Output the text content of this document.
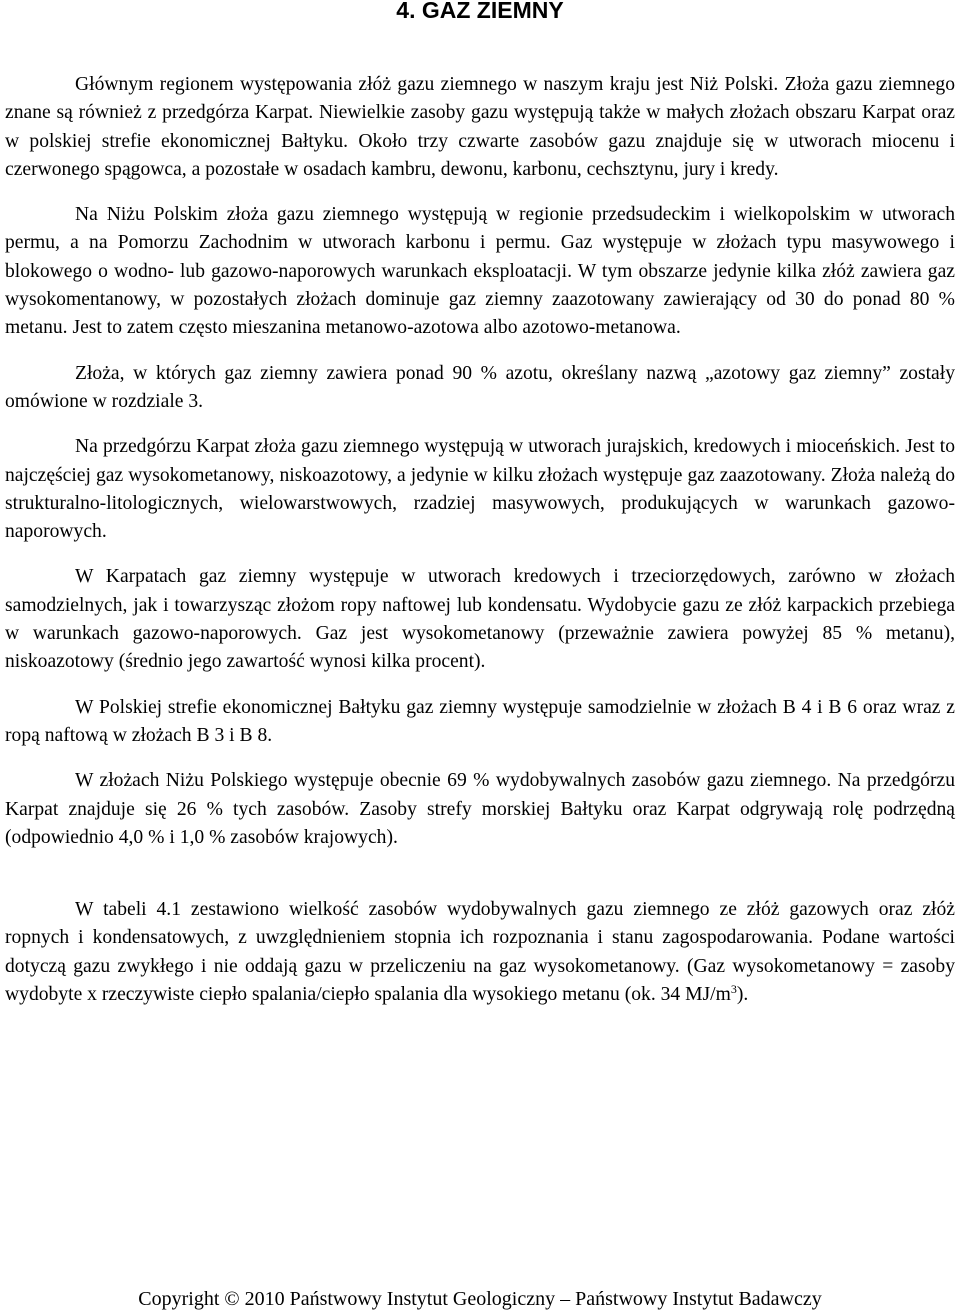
4. GAZ ZIEMNY

Głównym regionem występowania złóż gazu ziemnego w naszym kraju jest Niż Polski. Złoża gazu ziemnego znane są również z przedgórza Karpat. Niewielkie zasoby gazu występują także w małych złożach obszaru Karpat oraz w polskiej strefie ekonomicznej Bałtyku. Około trzy czwarte zasobów gazu znajduje się w utworach miocenu i czerwonego spągowca, a pozostałe w osadach kambru, dewonu, karbonu, cechsztynu, jury i kredy.

Na Niżu Polskim złoża gazu ziemnego występują w regionie przedsudeckim i wielkopolskim w utworach permu, a na Pomorzu Zachodnim w utworach karbonu i permu. Gaz występuje w złożach typu masywowego i blokowego o wodno- lub gazowo-naporowych warunkach eksploatacji. W tym obszarze jedynie kilka złóż zawiera gaz wysokomentanowy, w pozostałych złożach dominuje gaz ziemny zaazotowany zawierający od 30 do ponad 80 % metanu. Jest to zatem często mieszanina metanowo-azotowa albo azotowo-metanowa.

Złoża, w których gaz ziemny zawiera ponad 90 % azotu, określany nazwą „azotowy gaz ziemny” zostały omówione w rozdziale 3.

Na przedgórzu Karpat złoża gazu ziemnego występują w utworach jurajskich, kredowych i mioceńskich. Jest to najczęściej gaz wysokometanowy, niskoazotowy, a jedynie w kilku złożach występuje gaz zaazotowany. Złoża należą do strukturalno-litologicznych, wielowarstwowych, rzadziej masywowych, produkujących w warunkach gazowo-naporowych.

W Karpatach gaz ziemny występuje w utworach kredowych i trzeciorzędowych, zarówno w złożach samodzielnych, jak i towarzysząc złożom ropy naftowej lub kondensatu. Wydobycie gazu ze złóż karpackich przebiega w warunkach gazowo-naporowych. Gaz jest wysokometanowy (przeważnie zawiera powyżej 85 % metanu), niskoazotowy (średnio jego zawartość wynosi kilka procent).

W Polskiej strefie ekonomicznej Bałtyku gaz ziemny występuje samodzielnie w złożach B 4 i B 6 oraz wraz z ropą naftową w złożach B 3 i B 8.

W złożach Niżu Polskiego występuje obecnie 69 % wydobywalnych zasobów gazu ziemnego. Na przedgórzu Karpat znajduje się 26 % tych zasobów. Zasoby strefy morskiej Bałtyku oraz Karpat odgrywają rolę podrzędną (odpowiednio 4,0 % i 1,0 % zasobów krajowych).

W tabeli 4.1 zestawiono wielkość zasobów wydobywalnych gazu ziemnego ze złóż gazowych oraz złóż ropnych i kondensatowych, z uwzględnieniem stopnia ich rozpoznania i stanu zagospodarowania. Podane wartości dotyczą gazu zwykłego i nie oddają gazu w przeliczeniu na gaz wysokometanowy. (Gaz wysokometanowy = zasoby wydobyte x rzeczywiste ciepło spalania/ciepło spalania dla wysokiego metanu (ok. 34 $MJ/m^3$).

Copyright © 2010 Państwowy Instytut Geologiczny – Państwowy Instytut Badawczy
